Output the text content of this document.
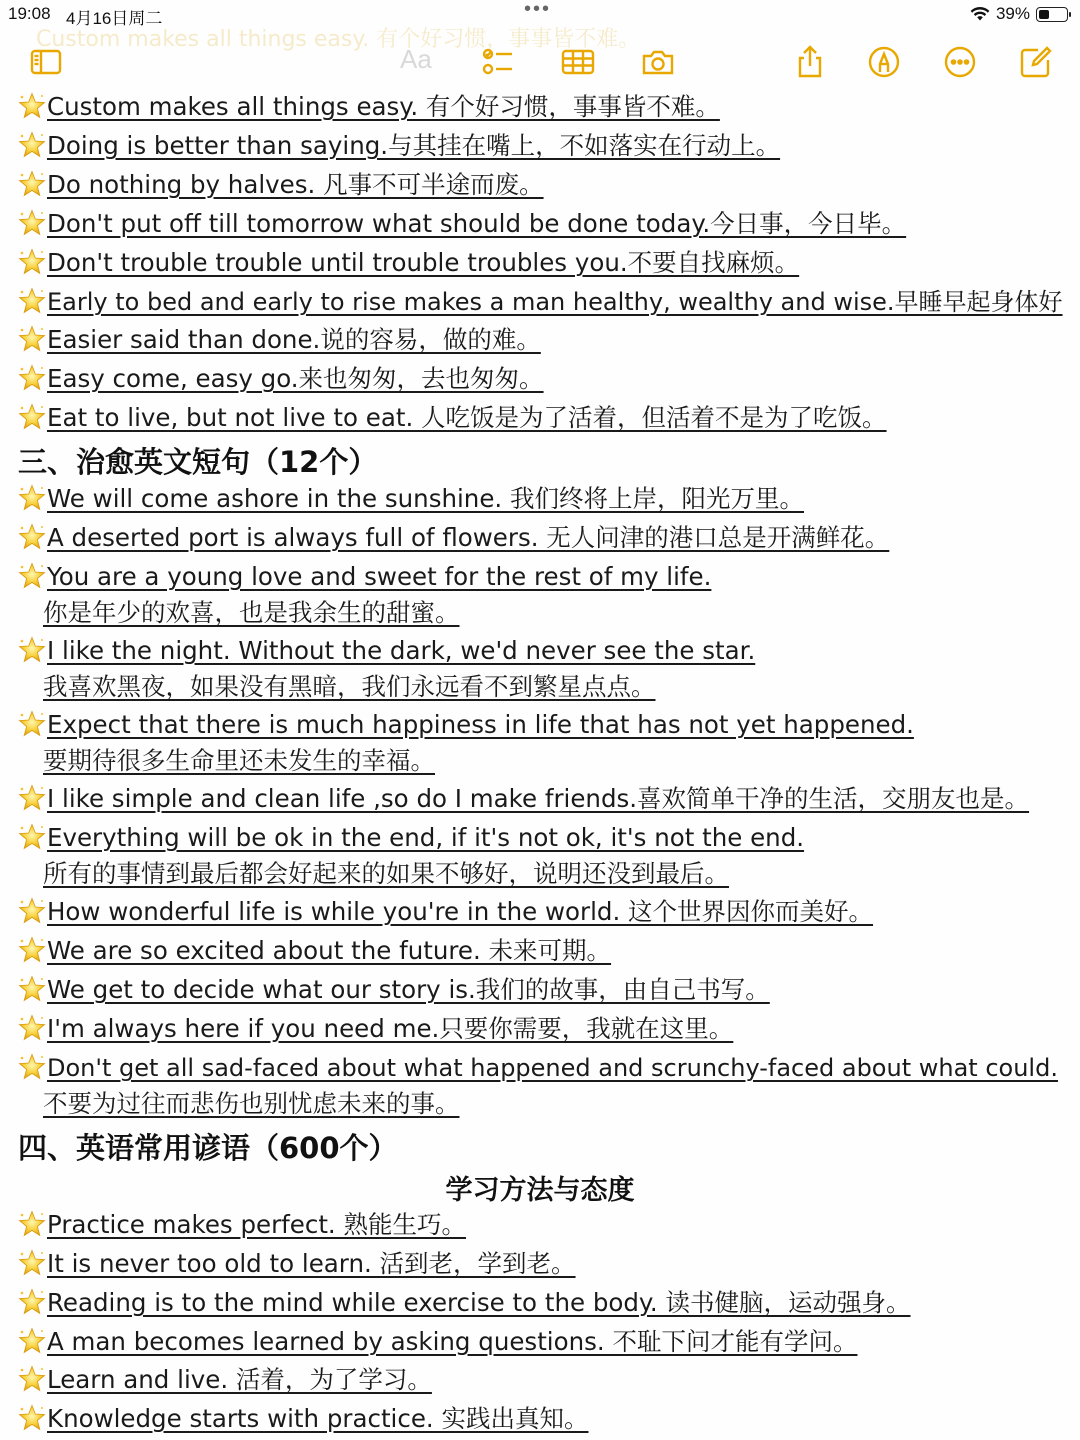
19:08 4月16日周二	•••	39%
Custom makes all things easy. 有个好习惯，事事皆不难。
Aa
Custom makes all things easy. 有个好习惯，事事皆不难。
Doing is better than saying.与其挂在嘴上，不如落实在行动上。
Do nothing by halves. 凡事不可半途而废。
Don't put off till tomorrow what should be done today.今日事，今日毕。
Don't trouble trouble until trouble troubles you.不要自找麻烦。
Early to bed and early to rise makes a man healthy, wealthy and wise.早睡早起身体好
Easier said than done.说的容易，做的难。
Easy come, easy go.来也匆匆，去也匆匆。
Eat to live, but not live to eat. 人吃饭是为了活着，但活着不是为了吃饭。
三、治愈英文短句（12个）
We will come ashore in the sunshine. 我们终将上岸，阳光万里。
A deserted port is always full of flowers. 无人问津的港口总是开满鲜花。
You are a young love and sweet for the rest of my life.
你是年少的欢喜，也是我余生的甜蜜。
I like the night. Without the dark, we'd never see the star.
我喜欢黑夜，如果没有黑暗，我们永远看不到繁星点点。
Expect that there is much happiness in life that has not yet happened.
要期待很多生命里还未发生的幸福。
I like simple and clean life ,so do I make friends.喜欢简单干净的生活，交朋友也是。
Everything will be ok in the end, if it's not ok, it's not the end.
所有的事情到最后都会好起来的如果不够好，说明还没到最后。
How wonderful life is while you're in the world. 这个世界因你而美好。
We are so excited about the future. 未来可期。
We get to decide what our story is.我们的故事，由自己书写。
I'm always here if you need me.只要你需要，我就在这里。
Don't get all sad-faced about what happened and scrunchy-faced about what could.
不要为过往而悲伤也别忧虑未来的事。
四、英语常用谚语（600个）
学习方法与态度
Practice makes perfect. 熟能生巧。
It is never too old to learn. 活到老，学到老。
Reading is to the mind while exercise to the body. 读书健脑，运动强身。
A man becomes learned by asking questions. 不耻下问才能有学问。
Learn and live. 活着，为了学习。
Knowledge starts with practice. 实践出真知。
